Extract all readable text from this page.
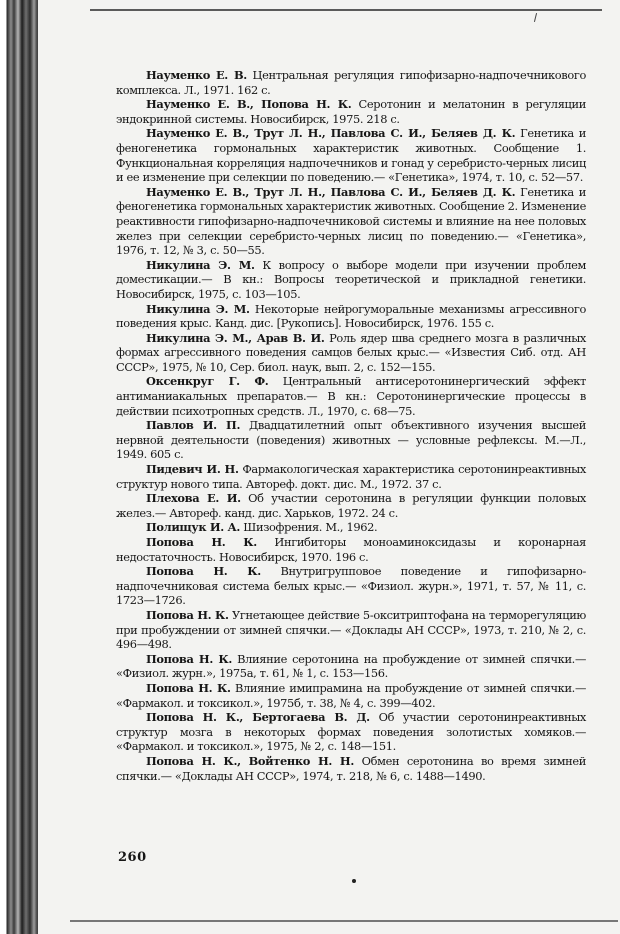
Науменко Е. В. Центральная регуляция гипофизарно-надпочечникового комплекса. Л., 1971. 162 с.

Науменко Е. В., Попова Н. К. Серотонин и мелатонин в регуляции эндокринной системы. Новосибирск, 1975. 218 с.

Науменко Е. В., Трут Л. Н., Павлова С. И., Беляев Д. К. Генетика и феногенетика гормональных характеристик животных. Сообщение 1. Функциональная корреляция надпочечников и гонад у серебристо-черных лисиц и ее изменение при селекции по поведению.— «Генетика», 1974, т. 10, с. 52—57.

Науменко Е. В., Трут Л. Н., Павлова С. И., Беляев Д. К. Генетика и феногенетика гормональных характеристик животных. Сообщение 2. Изменение реактивности гипофизарно-надпочечниковой системы и влияние на нее половых желез при селекции серебристо-черных лисиц по поведению.— «Генетика», 1976, т. 12, № 3, с. 50—55.

Никулина Э. М. К вопросу о выборе модели при изучении проблем доместикации.— В кн.: Вопросы теоретической и прикладной генетики. Новосибирск, 1975, с. 103—105.

Никулина Э. М. Некоторые нейрогуморальные механизмы агрессивного поведения крыс. Канд. дис. [Рукопись]. Новосибирск, 1976. 155 с.

Никулина Э. М., Арав В. И. Роль ядер шва среднего мозга в различных формах агрессивного поведения самцов белых крыс.— «Известия Сиб. отд. АН СССР», 1975, № 10, Сер. биол. наук, вып. 2, с. 152—155.

Оксенкруг Г. Ф. Центральный антисеротонинергический эффект антиманиакальных препаратов.— В кн.: Серотонинергические процессы в действии психотропных средств. Л., 1970, с. 68—75.

Павлов И. П. Двадцатилетний опыт объективного изучения высшей нервной деятельности (поведения) животных — условные рефлексы. М.—Л., 1949. 605 с.

Пидевич И. Н. Фармакологическая характеристика серотонинреактивных структур нового типа. Автореф. докт. дис. М., 1972. 37 с.

Плехова Е. И. Об участии серотонина в регуляции функции половых желез.— Автореф. канд. дис. Харьков, 1972. 24 с.

Полищук И. А. Шизофрения. М., 1962.

Попова Н. К. Ингибиторы моноаминоксидазы и коронарная недостаточность. Новосибирск, 1970. 196 с.

Попова Н. К. Внутригрупповое поведение и гипофизарно-надпочечниковая система белых крыс.— «Физиол. журн.», 1971, т. 57, № 11, с. 1723—1726.

Попова Н. К. Угнетающее действие 5-окситриптофана на терморегуляцию при пробуждении от зимней спячки.— «Доклады АН СССР», 1973, т. 210, № 2, с. 496—498.

Попова Н. К. Влияние серотонина на пробуждение от зимней спячки.— «Физиол. журн.», 1975а, т. 61, № 1, с. 153—156.

Попова Н. К. Влияние имипрамина на пробуждение от зимней спячки.— «Фармакол. и токсикол.», 1975б, т. 38, № 4, с. 399—402.

Попова Н. К., Бертогаева В. Д. Об участии серотонинреактивных структур мозга в некоторых формах поведения золотистых хомяков.— «Фармакол. и токсикол.», 1975, № 2, с. 148—151.

Попова Н. К., Войтенко Н. Н. Обмен серотонина во время зимней спячки.— «Доклады АН СССР», 1974, т. 218, № 6, с. 1488—1490.

260
